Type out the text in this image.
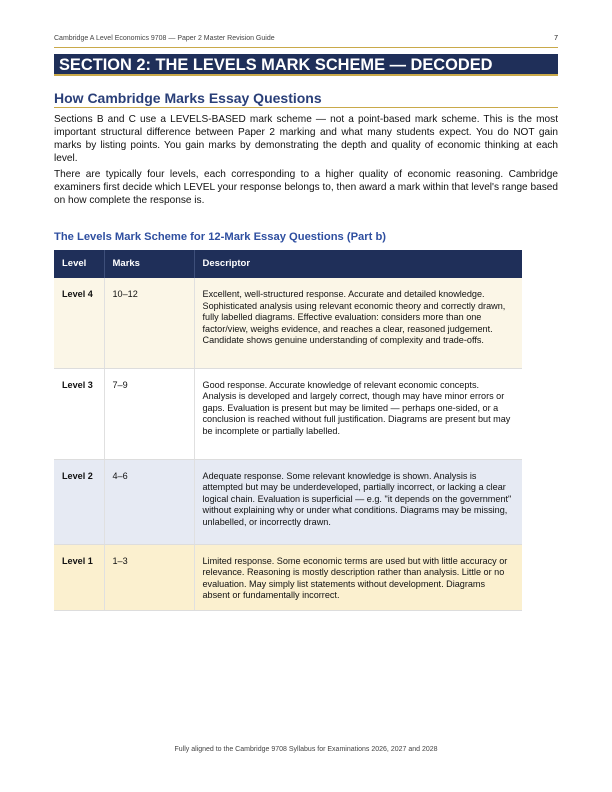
Cambridge A Level Economics 9708 — Paper 2 Master Revision Guide	7
SECTION 2: THE LEVELS MARK SCHEME — DECODED
How Cambridge Marks Essay Questions

Sections B and C use a LEVELS-BASED mark scheme — not a point-based mark scheme. This is the most important structural difference between Paper 2 marking and what many students expect. You do NOT gain marks by listing points. You gain marks by demonstrating the depth and quality of economic thinking at each level.

There are typically four levels, each corresponding to a higher quality of economic reasoning. Cambridge examiners first decide which LEVEL your response belongs to, then award a mark within that level's range based on how complete the response is.

The Levels Mark Scheme for 12-Mark Essay Questions (Part b)
Level	Marks	Descriptor
Level 4	10–12	Excellent, well-structured response. Accurate and detailed knowledge. Sophisticated analysis using relevant economic theory and correctly drawn, fully labelled diagrams. Effective evaluation: considers more than one factor/view, weighs evidence, and reaches a clear, reasoned judgement. Candidate shows genuine understanding of complexity and trade-offs.
Level 3	7–9	Good response. Accurate knowledge of relevant economic concepts. Analysis is developed and largely correct, though may have minor errors or gaps. Evaluation is present but may be limited — perhaps one-sided, or a conclusion is reached without full justification. Diagrams are present but may be incomplete or partially labelled.
Level 2	4–6	Adequate response. Some relevant knowledge is shown. Analysis is attempted but may be underdeveloped, partially incorrect, or lacking a clear logical chain. Evaluation is superficial — e.g. "it depends on the government" without explaining why or under what conditions. Diagrams may be missing, unlabelled, or incorrectly drawn.
Level 1	1–3	Limited response. Some economic terms are used but with little accuracy or relevance. Reasoning is mostly description rather than analysis. Little or no evaluation. May simply list statements without development. Diagrams absent or fundamentally incorrect.
Fully aligned to the Cambridge 9708 Syllabus for Examinations 2026, 2027 and 2028
